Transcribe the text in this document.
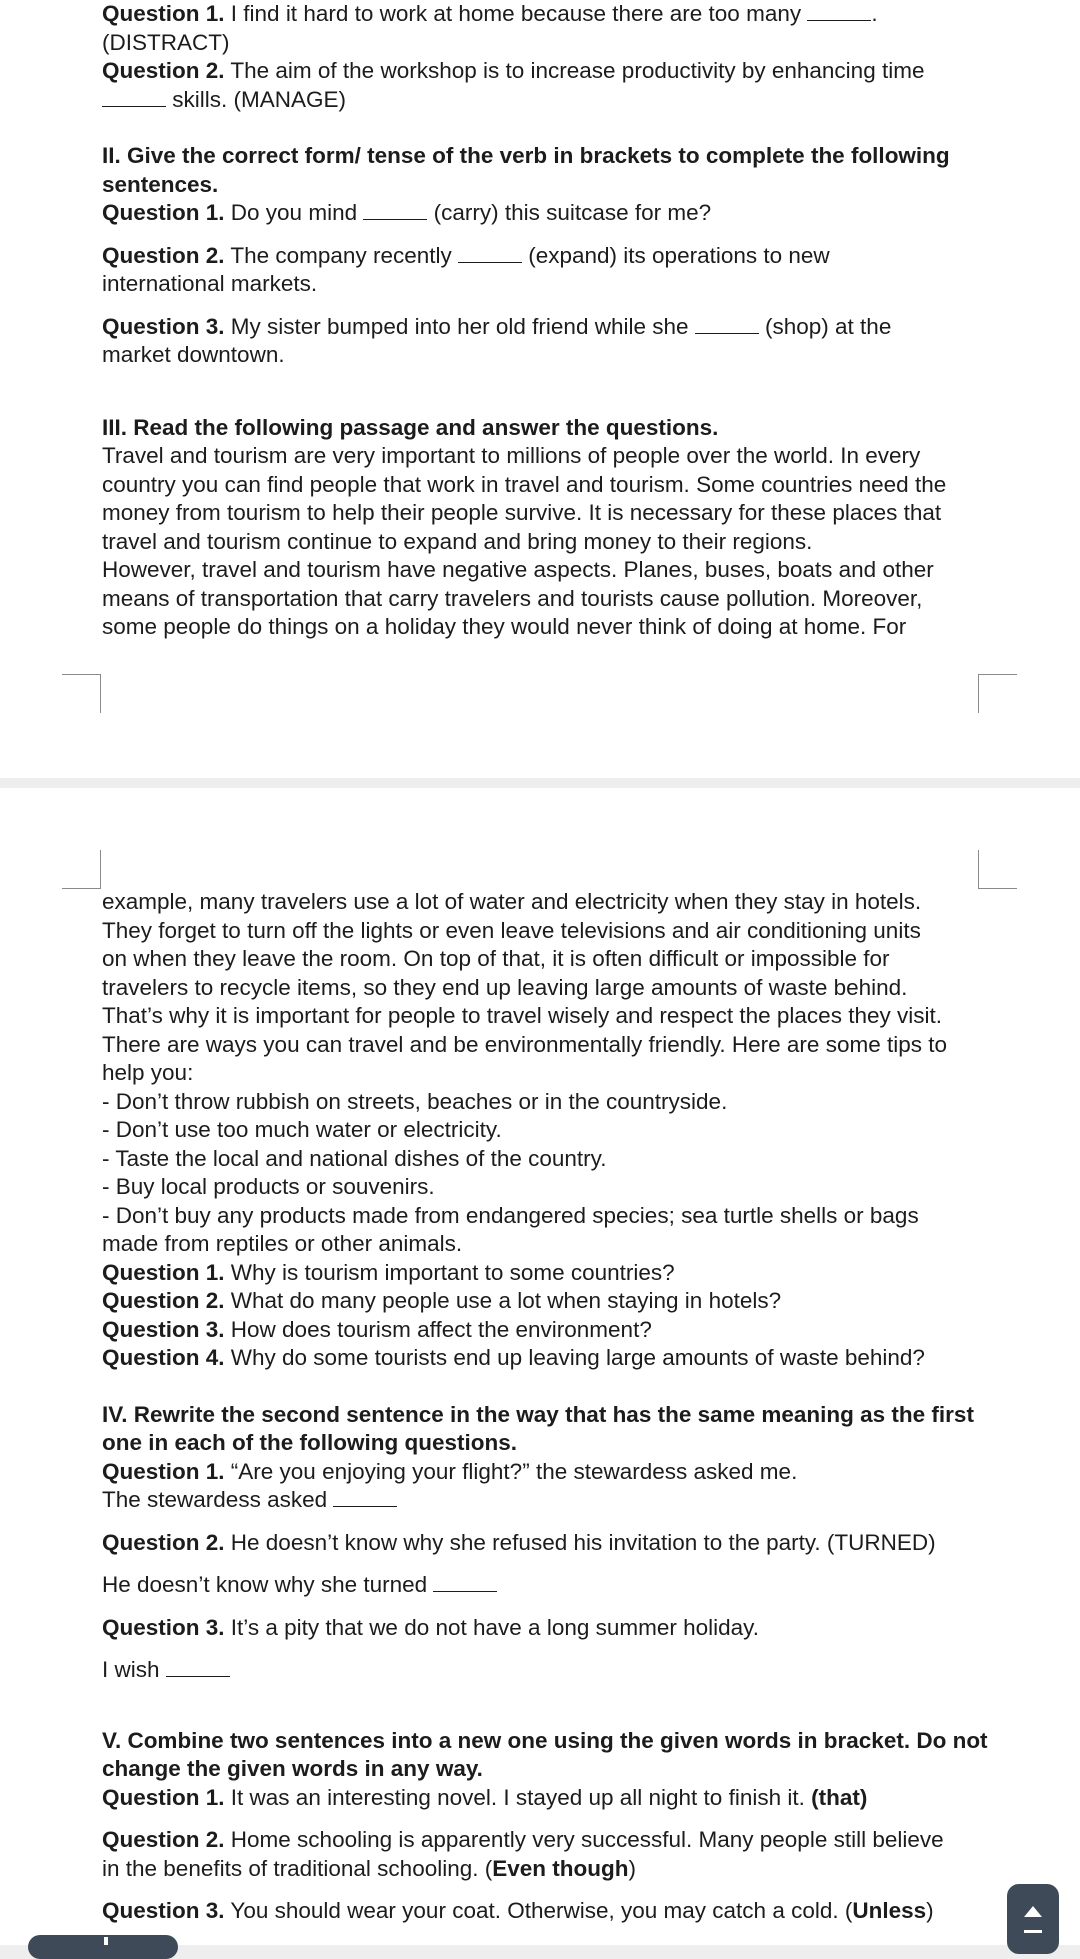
Question 1. I find it hard to work at home because there are too many	.
(DISTRACT)
Question 2. The aim of the workshop is to increase productivity by enhancing time
skills. (MANAGE)
II. Give the correct form/ tense of the verb in brackets to complete the following
sentences.
Question 1. Do you mind	(carry) this suitcase for me?
Question 2. The company recently	(expand) its operations to new
international markets.
Question 3. My sister bumped into her old friend while she	(shop) at the
market downtown.
III. Read the following passage and answer the questions.
Travel and tourism are very important to millions of people over the world. In every
country you can find people that work in travel and tourism. Some countries need the
money from tourism to help their people survive. It is necessary for these places that
travel and tourism continue to expand and bring money to their regions.
However, travel and tourism have negative aspects. Planes, buses, boats and other
means of transportation that carry travelers and tourists cause pollution. Moreover,
some people do things on a holiday they would never think of doing at home. For
example, many travelers use a lot of water and electricity when they stay in hotels.
They forget to turn off the lights or even leave televisions and air conditioning units
on when they leave the room. On top of that, it is often difficult or impossible for
travelers to recycle items, so they end up leaving large amounts of waste behind.
That’s why it is important for people to travel wisely and respect the places they visit.
There are ways you can travel and be environmentally friendly. Here are some tips to
help you:
- Don’t throw rubbish on streets, beaches or in the countryside.
- Don’t use too much water or electricity.
- Taste the local and national dishes of the country.
- Buy local products or souvenirs.
- Don’t buy any products made from endangered species; sea turtle shells or bags
made from reptiles or other animals.
Question 1. Why is tourism important to some countries?
Question 2. What do many people use a lot when staying in hotels?
Question 3. How does tourism affect the environment?
Question 4. Why do some tourists end up leaving large amounts of waste behind?
IV. Rewrite the second sentence in the way that has the same meaning as the first
one in each of the following questions.
Question 1. “Are you enjoying your flight?” the stewardess asked me.
The stewardess asked
Question 2. He doesn’t know why she refused his invitation to the party. (TURNED)
He doesn’t know why she turned
Question 3. It’s a pity that we do not have a long summer holiday.
I wish
V. Combine two sentences into a new one using the given words in bracket. Do not
change the given words in any way.
Question 1. It was an interesting novel. I stayed up all night to finish it. (that)
Question 2. Home schooling is apparently very successful. Many people still believe
in the benefits of traditional schooling. (Even though)
Question 3. You should wear your coat. Otherwise, you may catch a cold. (Unless)
